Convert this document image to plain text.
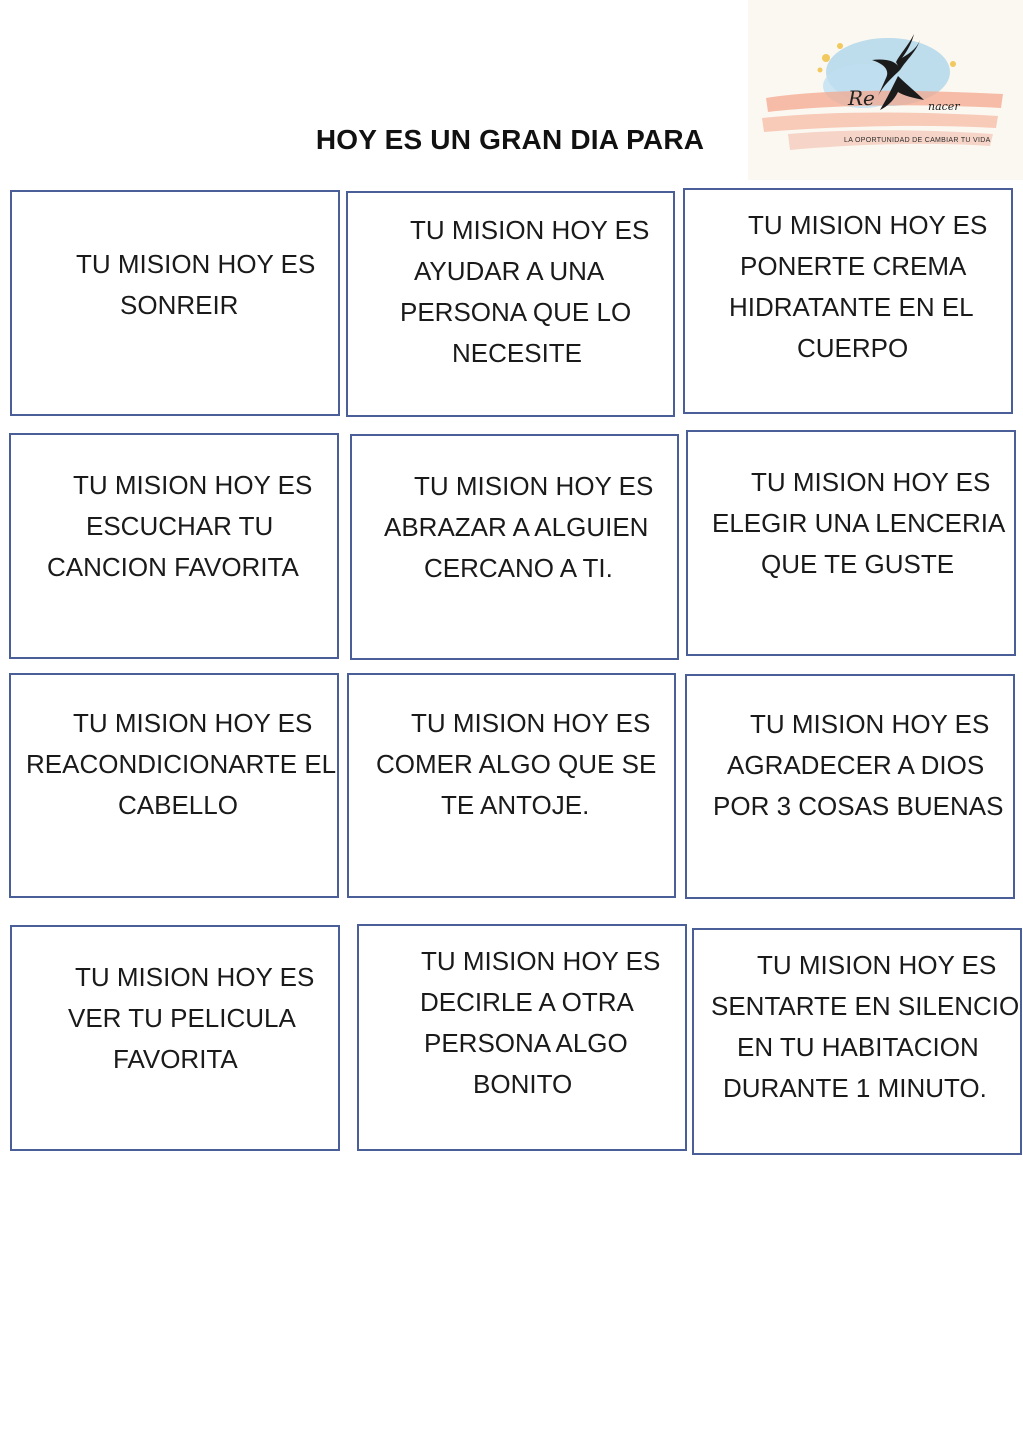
Re	nacer
LA OPORTUNIDAD DE CAMBIAR TU VIDA
HOY ES UN GRAN DIA PARA
TU MISION HOY ES
SONREIR
TU MISION HOY ES
AYUDAR A UNA
PERSONA QUE LO
NECESITE
TU MISION HOY ES
PONERTE CREMA
HIDRATANTE EN EL
CUERPO
TU MISION HOY ES
ESCUCHAR TU
CANCION FAVORITA
TU MISION HOY ES
ABRAZAR A ALGUIEN
CERCANO A TI.
TU MISION HOY ES
ELEGIR UNA LENCERIA
QUE TE GUSTE
TU MISION HOY ES
REACONDICIONARTE EL
CABELLO
TU MISION HOY ES
COMER ALGO QUE SE
TE ANTOJE.
TU MISION HOY ES
AGRADECER A DIOS
POR 3 COSAS BUENAS
TU MISION HOY ES
VER TU PELICULA
FAVORITA
TU MISION HOY ES
DECIRLE A OTRA
PERSONA ALGO
BONITO
TU MISION HOY ES
SENTARTE EN SILENCIO
EN TU HABITACION
DURANTE 1 MINUTO.
